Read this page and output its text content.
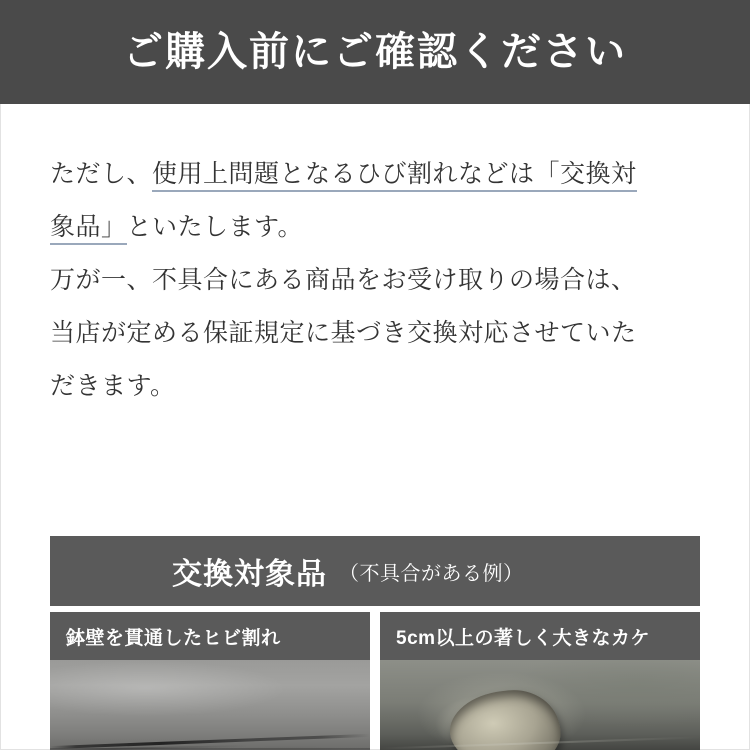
ご購入前にご確認ください

ただし、使用上問題となるひび割れなどは「交換対

象品」といたします。

万が一、不具合にある商品をお受け取りの場合は、

当店が定める保証規定に基づき交換対応させていた

だきます。

交換対象品 （不具合がある例）
鉢壁を貫通したヒビ割れ	5cm以上の著しく大きなカケ
